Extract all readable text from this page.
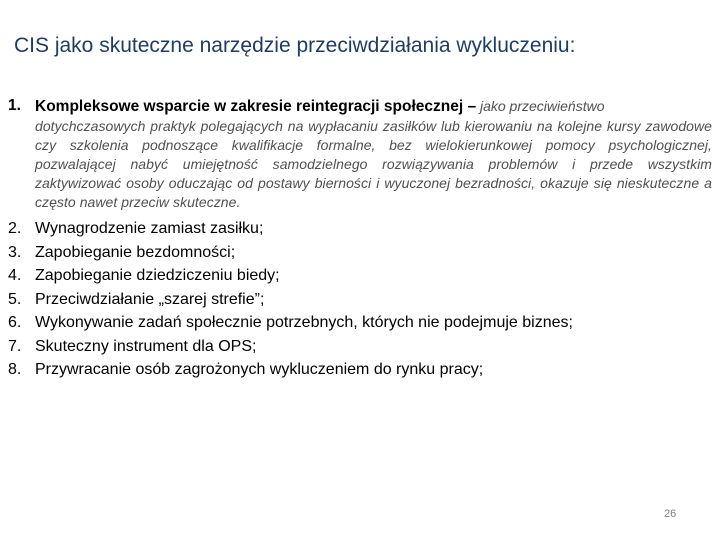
CIS jako skuteczne narzędzie przeciwdziałania wykluczeniu:
1. Kompleksowe wsparcie w zakresie reintegracji społecznej – jako przeciwieństwo
dotychczasowych praktyk polegających na wypłacaniu zasiłków lub kierowaniu na kolejne kursy zawodowe czy szkolenia podnoszące kwalifikacje formalne, bez wielokierunkowej pomocy psychologicznej, pozwalającej nabyć umiejętność samodzielnego rozwiązywania problemów i przede wszystkim zaktywizować osoby oduczając od postawy bierności i wyuczonej bezradności, okazuje się nieskuteczne a często nawet przeciw skuteczne.
2. Wynagrodzenie zamiast zasiłku;
3. Zapobieganie bezdomności;
4. Zapobieganie dziedziczeniu biedy;
5. Przeciwdziałanie „szarej strefie”;
6. Wykonywanie zadań społecznie potrzebnych, których nie podejmuje biznes;
7. Skuteczny instrument dla OPS;
8. Przywracanie osób zagrożonych wykluczeniem do rynku pracy;
26
